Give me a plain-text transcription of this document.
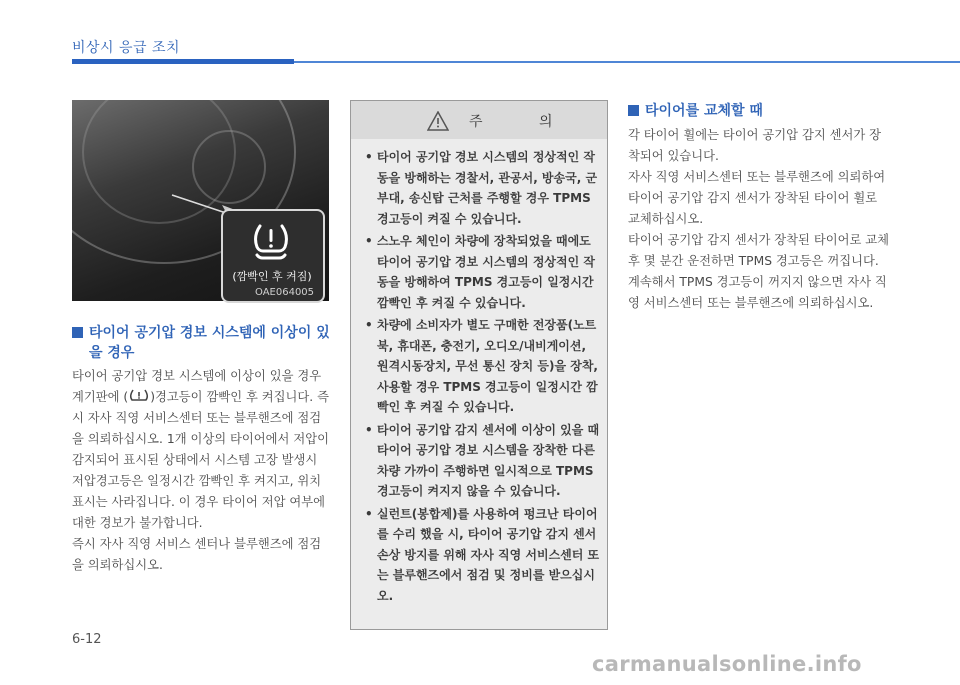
비상시 응급 조치
(깜빡인 후 켜짐)
OAE064005
타이어 공기압 경보 시스템에 이상이 있
을 경우

타이어 공기압 경보 시스템에 이상이 있을 경우 계기판에 ( )경고등이 깜빡인 후 켜집니다. 즉시 자사 직영 서비스센터 또는 블루핸즈에 점검을 의뢰하십시오. 1개 이상의 타이어에서 저압이 감지되어 표시된 상태에서 시스템 고장 발생시 저압경고등은 일정시간 깜빡인 후 켜지고, 위치 표시는 사라집니다. 이 경우 타이어 저압 여부에 대한 경보가 불가합니다.

즉시 자사 직영 서비스 센터나 블루핸즈에 점검을 의뢰하십시오.

주 의
• 타이어 공기압 경보 시스템의 정상적인 작동을 방해하는 경찰서, 관공서, 방송국, 군부대, 송신탑 근처를 주행할 경우 TPMS 경고등이 켜질 수 있습니다.
• 스노우 체인이 차량에 장착되었을 때에도 타이어 공기압 경보 시스템의 정상적인 작동을 방해하여 TPMS 경고등이 일정시간 깜빡인 후 켜질 수 있습니다.
• 차량에 소비자가 별도 구매한 전장품(노트북, 휴대폰, 충전기, 오디오/내비게이션, 원격시동장치, 무선 통신 장치 등)을 장착, 사용할 경우 TPMS 경고등이 일정시간 깜빡인 후 켜질 수 있습니다.
• 타이어 공기압 감지 센서에 이상이 있을 때 타이어 공기압 경보 시스템을 장착한 다른 차량 가까이 주행하면 일시적으로 TPMS 경고등이 켜지지 않을 수 있습니다.
• 실런트(봉합제)를 사용하여 펑크난 타이어를 수리 했을 시, 타이어 공기압 감지 센서 손상 방지를 위해 자사 직영 서비스센터 또는 블루핸즈에서 점검 및 정비를 받으십시오.
타이어를 교체할 때

각 타이어 휠에는 타이어 공기압 감지 센서가 장착되어 있습니다.

자사 직영 서비스센터 또는 블루핸즈에 의뢰하여 타이어 공기압 감지 센서가 장착된 타이어 휠로 교체하십시오.

타이어 공기압 감지 센서가 장착된 타이어로 교체 후 몇 분간 운전하면 TPMS 경고등은 꺼집니다. 계속해서 TPMS 경고등이 꺼지지 않으면 자사 직영 서비스센터 또는 블루핸즈에 의뢰하십시오.

6-12
carmanualsonline.info
